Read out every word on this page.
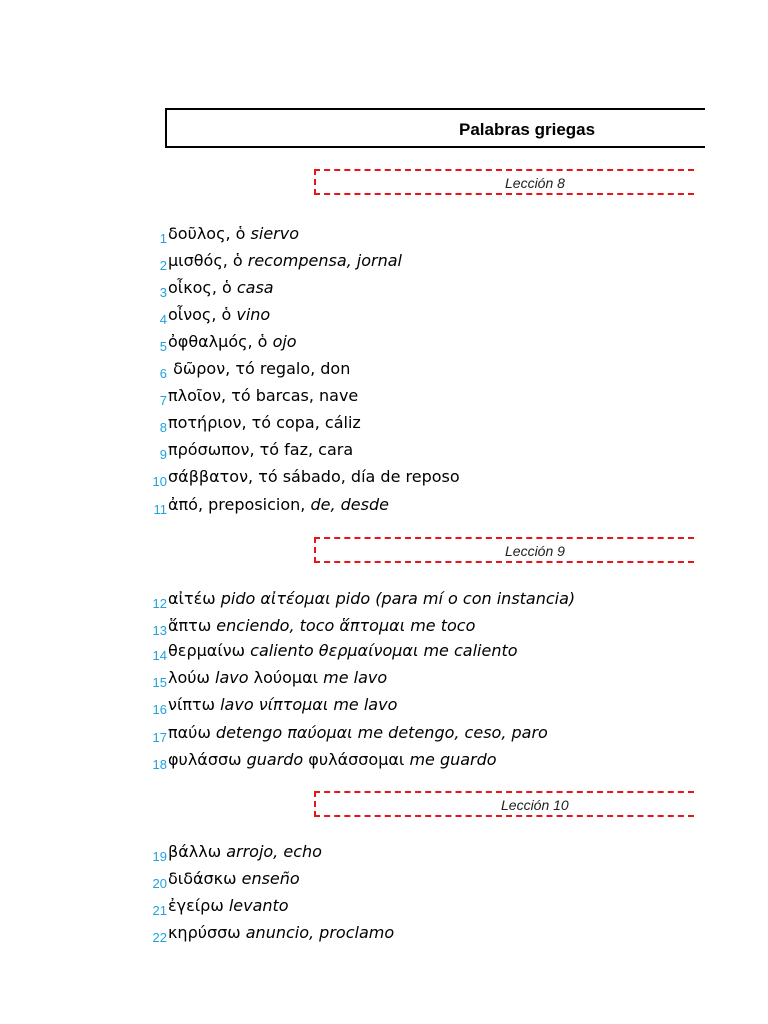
Palabras griegas
Lección 8
Lección 9
Lección 10
1 δοῦλος, ὁ siervo
2 μισθός, ὁ recompensa, jornal
3 οἶκος, ὁ casa
4 οἶνος, ὁ vino
5 ὀφθαλμός, ὁ ojo
6 δῶρον, τό regalo, don
7 πλοῖον, τό barcas, nave
8 ποτήριον, τό copa, cáliz
9 πρόσωπον, τό faz, cara
10 σάββατον, τό sábado, día de reposo
11 ἀπό, preposicion, de, desde
12 αἰτέω pido αἰτέομαι pido (para mí o con instancia)
13 ἅπτω enciendo, toco ἅπτομαι me toco
14 θερμαίνω caliento θερμαίνομαι me caliento
15 λούω lavo λούομαι me lavo
16 νίπτω lavo νίπτομαι me lavo
17 παύω detengo παύομαι me detengo, ceso, paro
18 φυλάσσω guardo φυλάσσομαι me guardo
19 βάλλω arrojo, echo
20 διδάσκω enseño
21 ἐγείρω levanto
22 κηρύσσω anuncio, proclamo
